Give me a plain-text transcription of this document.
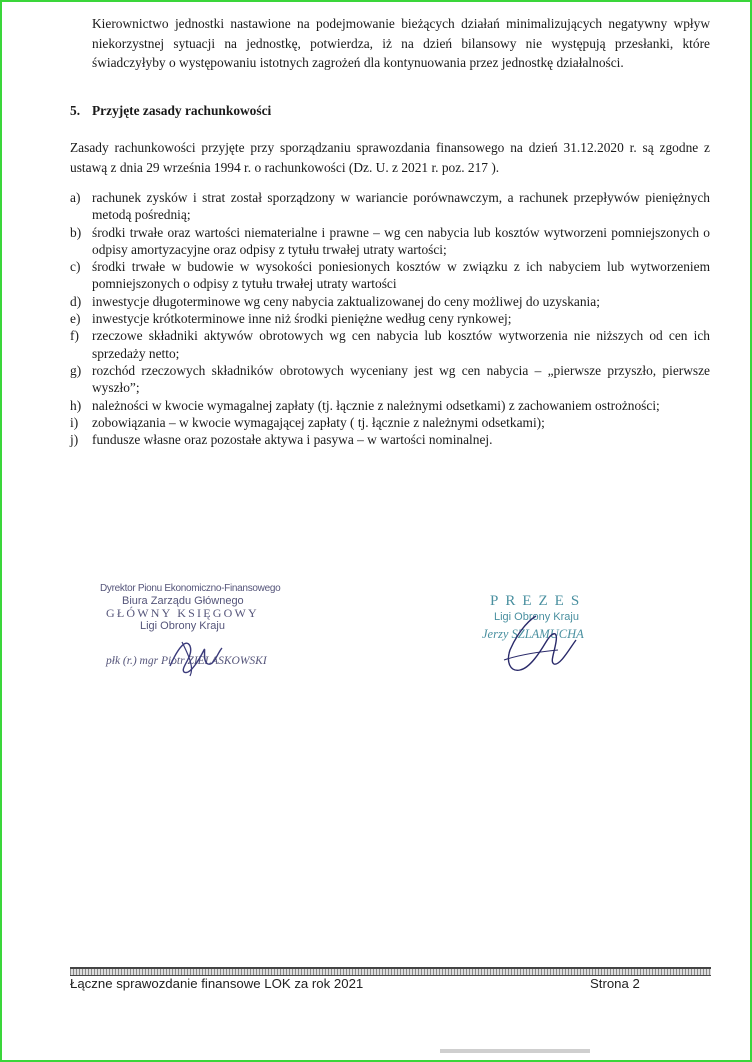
Kierownictwo jednostki nastawione na podejmowanie bieżących działań minimalizujących negatywny wpływ niekorzystnej sytuacji na jednostkę, potwierdza, iż na dzień bilansowy nie występują przesłanki, które świadczyłyby o występowaniu istotnych zagrożeń dla kontynuowania przez jednostkę działalności.

5. Przyjęte zasady rachunkowości

Zasady rachunkowości przyjęte przy sporządzaniu sprawozdania finansowego na dzień 31.12.2020 r. są zgodne z ustawą z dnia 29 września 1994 r. o rachunkowości (Dz. U. z 2021 r. poz. 217 ).

a) rachunek zysków i strat został sporządzony w wariancie porównawczym, a rachunek przepływów pieniężnych metodą pośrednią;
b) środki trwałe oraz wartości niematerialne i prawne – wg cen nabycia lub kosztów wytworzeni pomniejszonych o odpisy amortyzacyjne oraz odpisy z tytułu trwałej utraty wartości;
c) środki trwałe w budowie w wysokości poniesionych kosztów w związku z ich nabyciem lub wytworzeniem pomniejszonych o odpisy z tytułu trwałej utraty wartości
d) inwestycje długoterminowe wg ceny nabycia zaktualizowanej do ceny możliwej do uzyskania;
e) inwestycje krótkoterminowe inne niż środki pieniężne według ceny rynkowej;
f) rzeczowe składniki aktywów obrotowych wg cen nabycia lub kosztów wytworzenia nie niższych od cen ich sprzedaży netto;
g) rozchód rzeczowych składników obrotowych wyceniany jest wg cen nabycia – „pierwsze przyszło, pierwsze wyszło”;
h) należności w kwocie wymagalnej zapłaty (tj. łącznie z należnymi odsetkami) z zachowaniem ostrożności;
i) zobowiązania – w kwocie wymagającej zapłaty ( tj. łącznie z należnymi odsetkami);
j) fundusze własne oraz pozostałe aktywa i pasywa – w wartości nominalnej.
Dyrektor Pionu Ekonomiczno-Finansowego
Biura Zarządu Głównego
GŁÓWNY KSIĘGOWY
Ligi Obrony Kraju
płk (r.) mgr Piotr ZIELASKOWSKI
PREZES
Ligi Obrony Kraju
Jerzy SZLAMUCHA
Łączne sprawozdanie finansowe LOK za rok 2021	Strona 2
